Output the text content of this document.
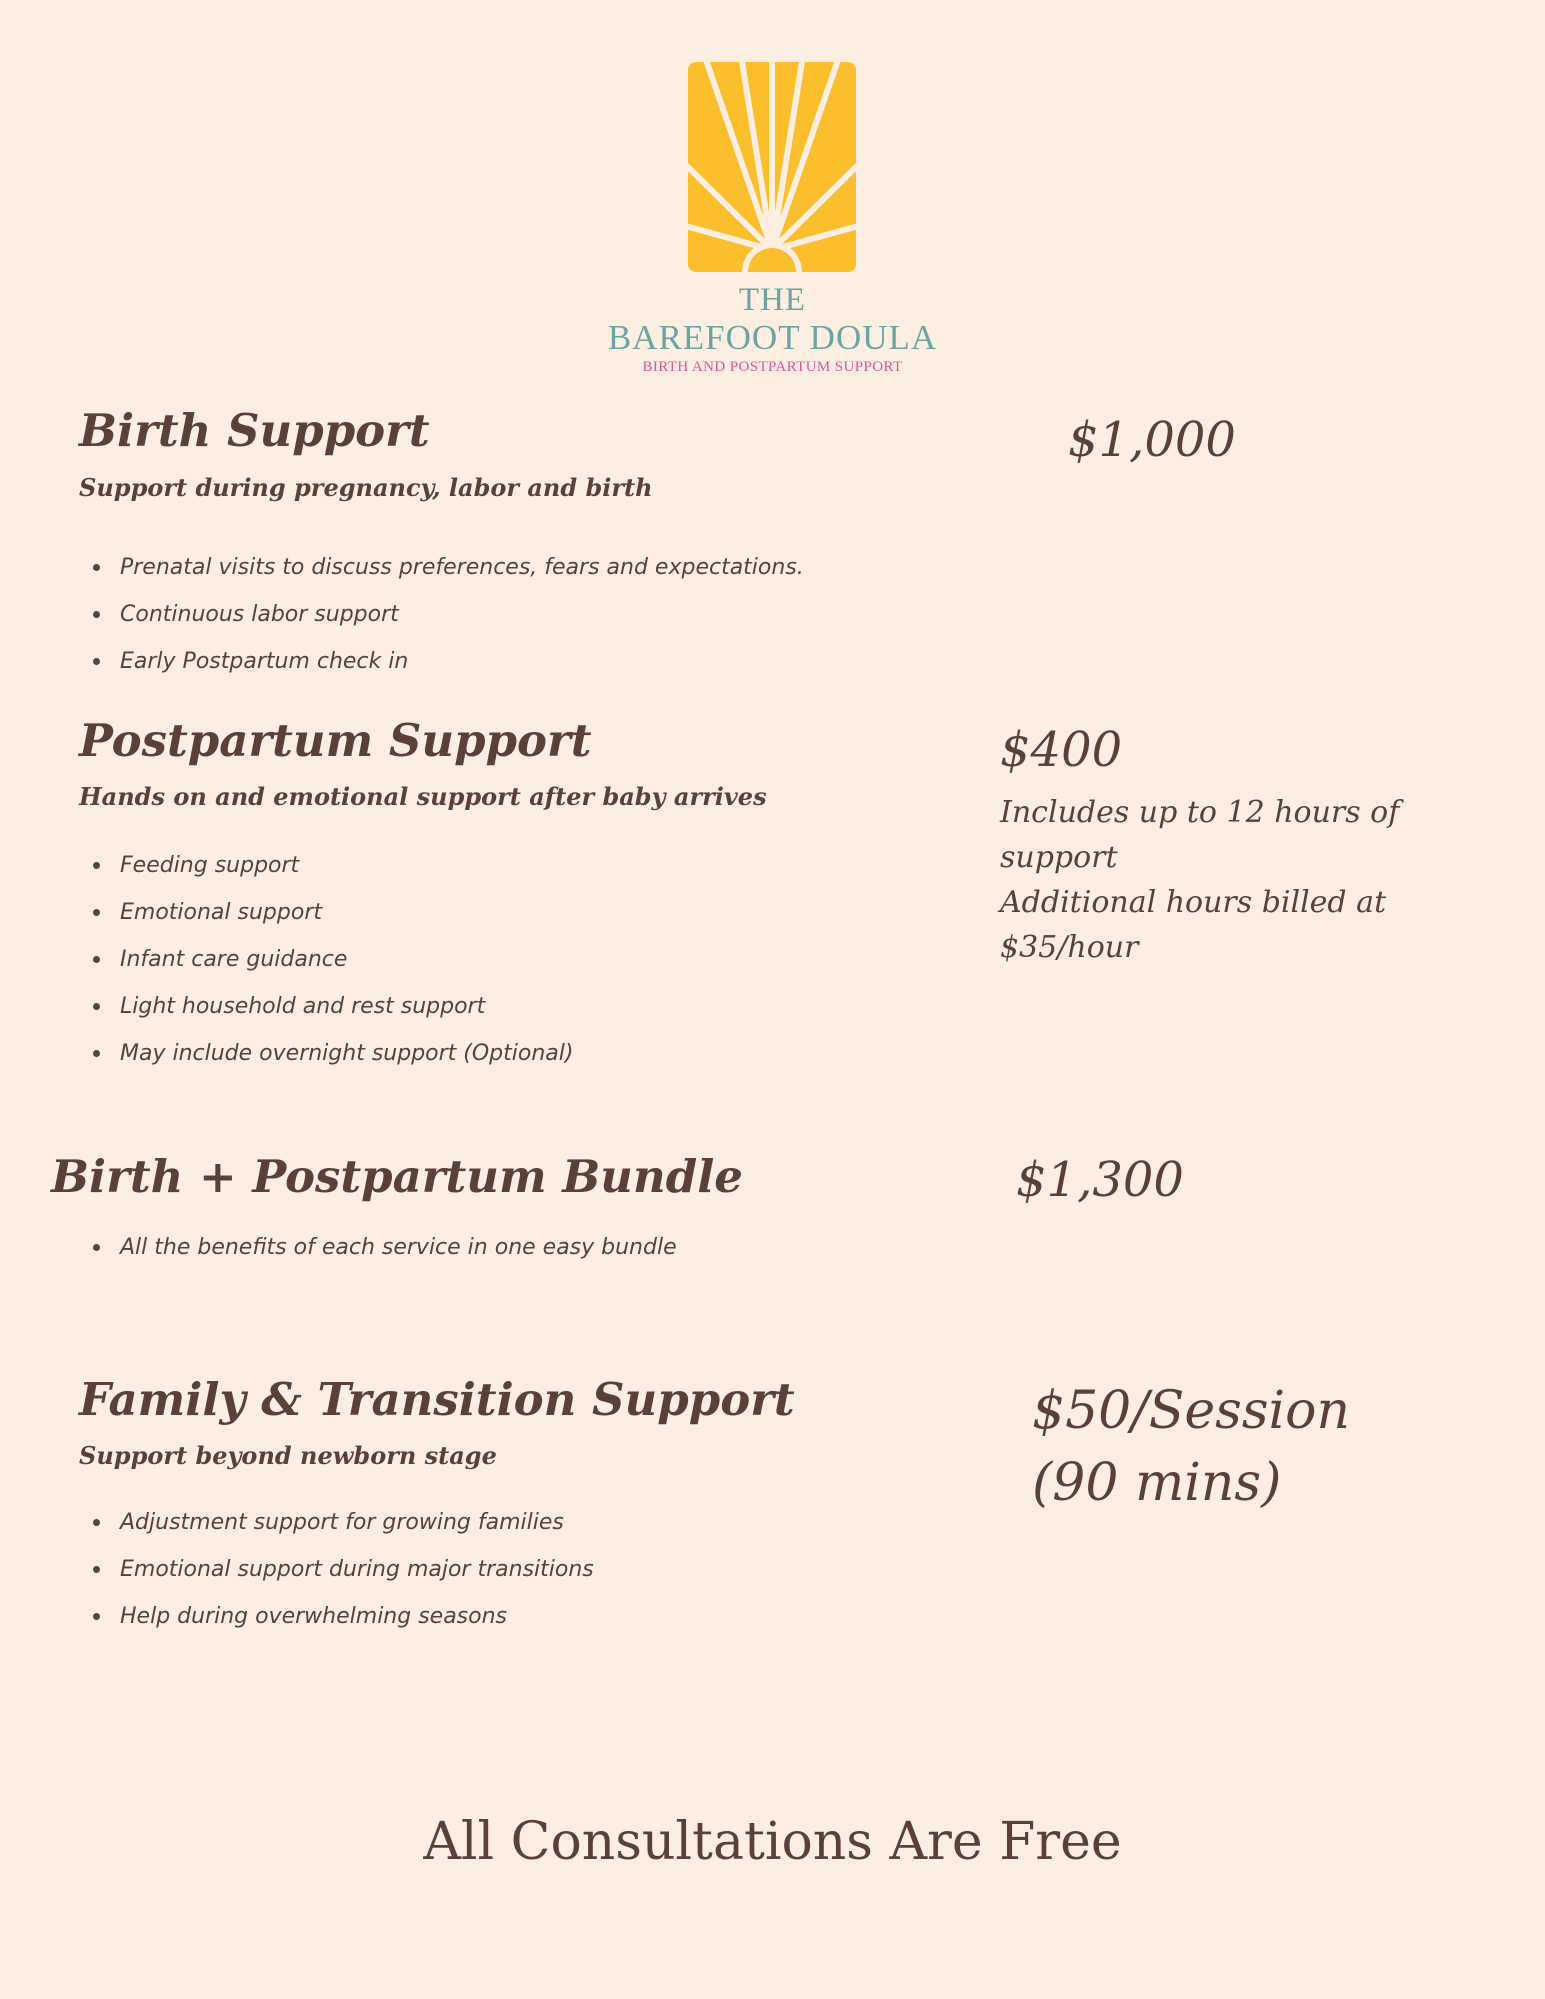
THE
BAREFOOT DOULA
BIRTH AND POSTPARTUM SUPPORT
Birth Support
Support during pregnancy, labor and birth
$1,000
Prenatal visits to discuss preferences, fears and expectations.
Continuous labor support
Early Postpartum check in
Postpartum Support
Hands on and emotional support after baby arrives
$400
Includes up to 12 hours of
support
Additional hours billed at
$35/hour
Feeding support
Emotional support
Infant care guidance
Light household and rest support
May include overnight support (Optional)
Birth + Postpartum Bundle	$1,300
All the benefits of each service in one easy bundle
Family & Transition Support
Support beyond newborn stage
$50/Session
(90 mins)
Adjustment support for growing families
Emotional support during major transitions
Help during overwhelming seasons
All Consultations Are Free
